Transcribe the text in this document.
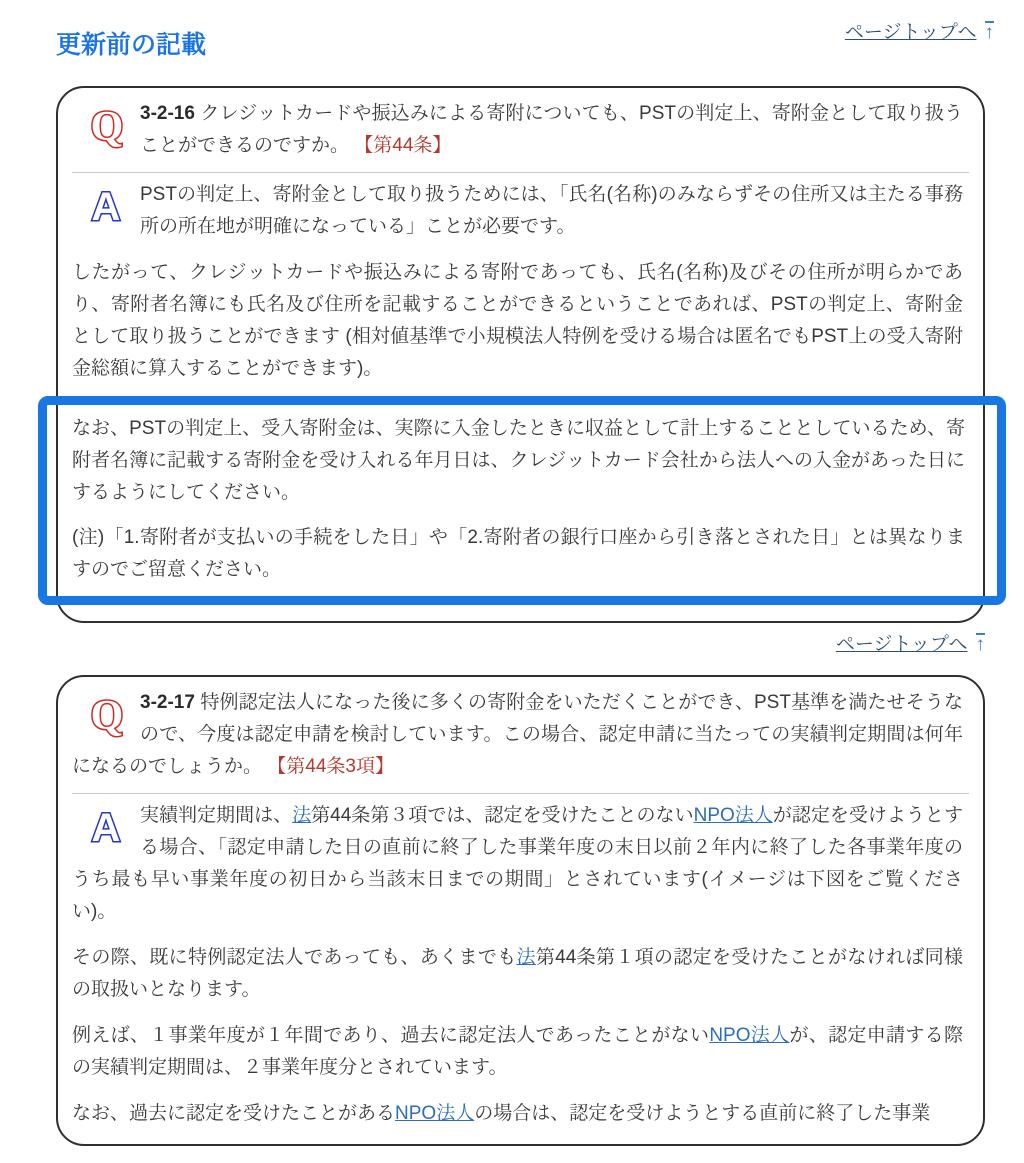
ページトップへ ↑
更新前の記載
Q 3-2-16 クレジットカードや振込みによる寄附についても、PSTの判定上、寄附金として取り扱うことができるのですか。 【第44条】

A	PSTの判定上、寄附金として取り扱うためには、「氏名(名称)のみならずその住所又は主たる事務所の所在地が明確になっている」ことが必要です。

したがって、クレジットカードや振込みによる寄附であっても、氏名(名称)及びその住所が明らかであり、寄附者名簿にも氏名及び住所を記載することができるということであれば、PSTの判定上、寄附金として取り扱うことができます (相対値基準で小規模法人特例を受ける場合は匿名でもPST上の受入寄附金総額に算入することができます)。

なお、PSTの判定上、受入寄附金は、実際に入金したときに収益として計上することとしているため、寄附者名簿に記載する寄附金を受け入れる年月日は、クレジットカード会社から法人への入金があった日にするようにしてください。

(注)「1.寄附者が支払いの手続をした日」や「2.寄附者の銀行口座から引き落とされた日」とは異なりますのでご留意ください。

ページトップへ ↑
Q 3-2-17 特例認定法人になった後に多くの寄附金をいただくことができ、PST基準を満たせそうなので、今度は認定申請を検討しています。この場合、認定申請に当たっての実績判定期間は何年になるのでしょうか。 【第44条3項】

A	実績判定期間は、法第44条第３項では、認定を受けたことのないNPO法人が認定を受けようとする場合、「認定申請した日の直前に終了した事業年度の末日以前２年内に終了した各事業年度のうち最も早い事業年度の初日から当該末日までの期間」とされています(イメージは下図をご覧ください)。

その際、既に特例認定法人であっても、あくまでも法第44条第１項の認定を受けたことがなければ同様の取扱いとなります。

例えば、１事業年度が１年間であり、過去に認定法人であったことがないNPO法人が、認定申請する際の実績判定期間は、２事業年度分とされています。

なお、過去に認定を受けたことがあるNPO法人の場合は、認定を受けようとする直前に終了した事業
